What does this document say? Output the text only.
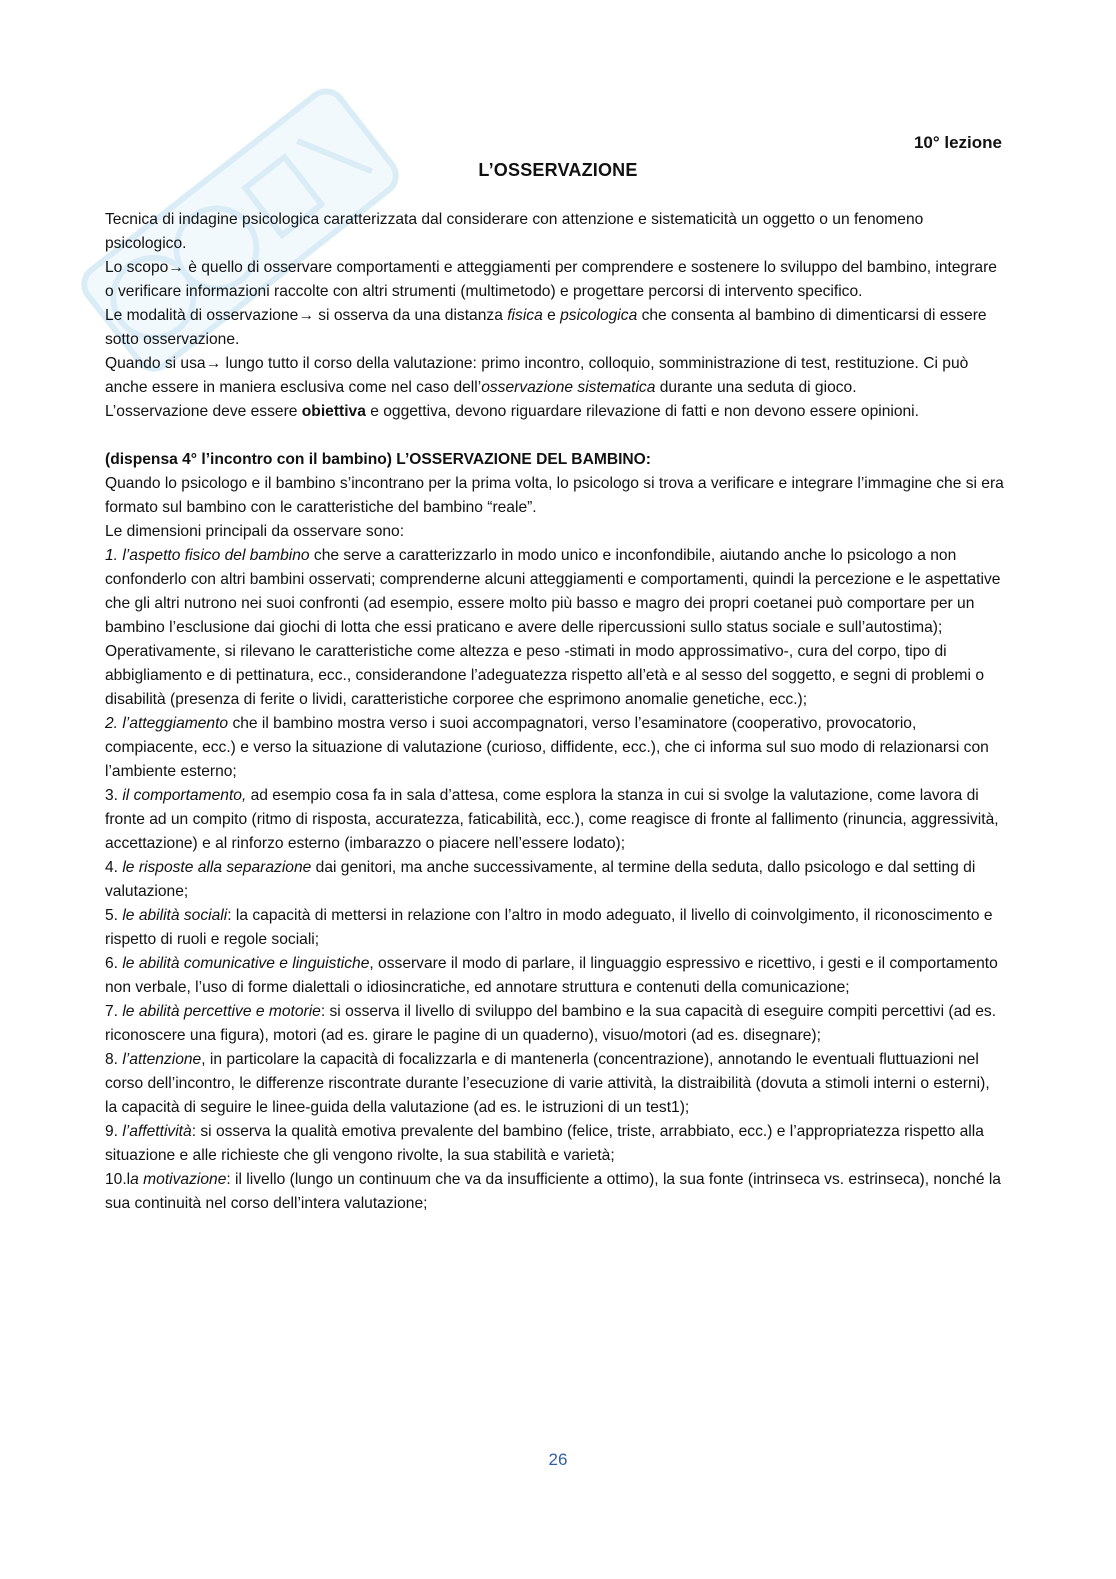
10° lezione
L’OSSERVAZIONE

Tecnica di indagine psicologica caratterizzata dal considerare con attenzione e sistematicità un oggetto o un fenomeno psicologico.

Lo scopo→ è quello di osservare comportamenti e atteggiamenti per comprendere e sostenere lo sviluppo del bambino, integrare o verificare informazioni raccolte con altri strumenti (multimetodo) e progettare percorsi di intervento specifico.

Le modalità di osservazione→ si osserva da una distanza fisica e psicologica che consenta al bambino di dimenticarsi di essere sotto osservazione.

Quando si usa→ lungo tutto il corso della valutazione: primo incontro, colloquio, somministrazione di test, restituzione. Ci può anche essere in maniera esclusiva come nel caso dell’osservazione sistematica durante una seduta di gioco.

L’osservazione deve essere obiettiva e oggettiva, devono riguardare rilevazione di fatti e non devono essere opinioni.

(dispensa 4° l’incontro con il bambino) L’OSSERVAZIONE DEL BAMBINO:

Quando lo psicologo e il bambino s’incontrano per la prima volta, lo psicologo si trova a verificare e integrare l’immagine che si era formato sul bambino con le caratteristiche del bambino “reale”.

Le dimensioni principali da osservare sono:

1. l’aspetto fisico del bambino che serve a caratterizzarlo in modo unico e inconfondibile, aiutando anche lo psicologo a non confonderlo con altri bambini osservati; comprenderne alcuni atteggiamenti e comportamenti, quindi la percezione e le aspettative che gli altri nutrono nei suoi confronti (ad esempio, essere molto più basso e magro dei propri coetanei può comportare per un bambino l’esclusione dai giochi di lotta che essi praticano e avere delle ripercussioni sullo status sociale e sull’autostima);

Operativamente, si rilevano le caratteristiche come altezza e peso -stimati in modo approssimativo-, cura del corpo, tipo di abbigliamento e di pettinatura, ecc., considerandone l’adeguatezza rispetto all’età e al sesso del soggetto, e segni di problemi o disabilità (presenza di ferite o lividi, caratteristiche corporee che esprimono anomalie genetiche, ecc.);

2. l’atteggiamento che il bambino mostra verso i suoi accompagnatori, verso l’esaminatore (cooperativo, provocatorio, compiacente, ecc.) e verso la situazione di valutazione (curioso, diffidente, ecc.), che ci informa sul suo modo di relazionarsi con l’ambiente esterno;

3. il comportamento, ad esempio cosa fa in sala d’attesa, come esplora la stanza in cui si svolge la valutazione, come lavora di fronte ad un compito (ritmo di risposta, accuratezza, faticabilità, ecc.), come reagisce di fronte al fallimento (rinuncia, aggressività, accettazione) e al rinforzo esterno (imbarazzo o piacere nell’essere lodato);

4. le risposte alla separazione dai genitori, ma anche successivamente, al termine della seduta, dallo psicologo e dal setting di valutazione;

5. le abilità sociali: la capacità di mettersi in relazione con l’altro in modo adeguato, il livello di coinvolgimento, il riconoscimento e rispetto di ruoli e regole sociali;

6. le abilità comunicative e linguistiche, osservare il modo di parlare, il linguaggio espressivo e ricettivo, i gesti e il comportamento non verbale, l’uso di forme dialettali o idiosincratiche, ed annotare struttura e contenuti della comunicazione;

7. le abilità percettive e motorie: si osserva il livello di sviluppo del bambino e la sua capacità di eseguire compiti percettivi (ad es. riconoscere una figura), motori (ad es. girare le pagine di un quaderno), visuo/motori (ad es. disegnare);

8. l’attenzione, in particolare la capacità di focalizzarla e di mantenerla (concentrazione), annotando le eventuali fluttuazioni nel corso dell’incontro, le differenze riscontrate durante l’esecuzione di varie attività, la distraibilità (dovuta a stimoli interni o esterni), la capacità di seguire le linee-guida della valutazione (ad es. le istruzioni di un test1);

9. l’affettività: si osserva la qualità emotiva prevalente del bambino (felice, triste, arrabbiato, ecc.) e l’appropriatezza rispetto alla situazione e alle richieste che gli vengono rivolte, la sua stabilità e varietà;

10.la motivazione: il livello (lungo un continuum che va da insufficiente a ottimo), la sua fonte (intrinseca vs. estrinseca), nonché la sua continuità nel corso dell’intera valutazione;

26
